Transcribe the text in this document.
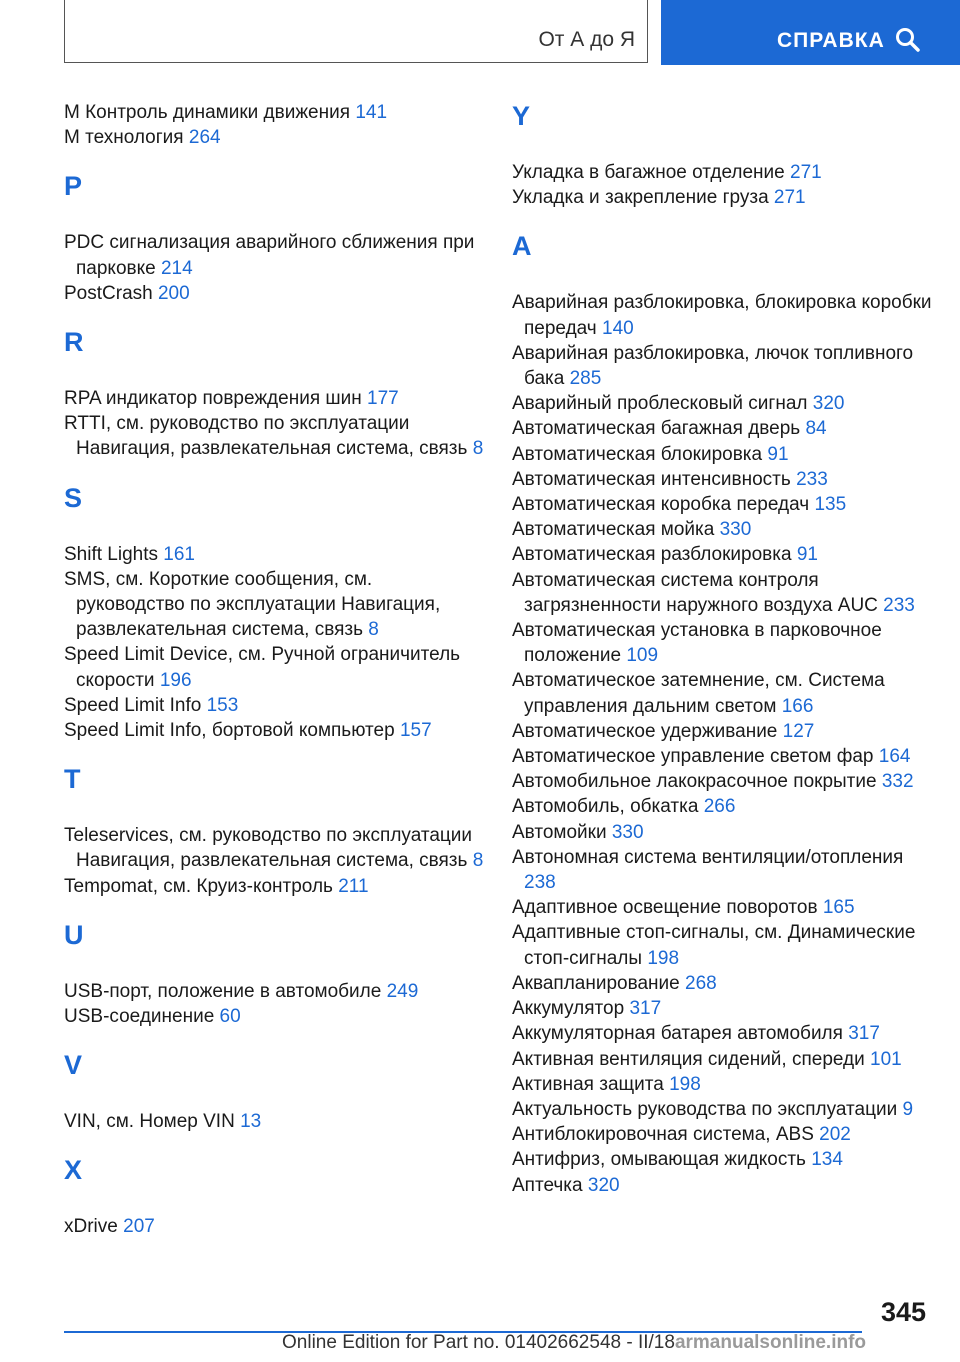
От А до Я	СПРАВКА
M Контроль динамики движения 141
M технология 264
P
PDC сигнализация аварийного сближения при парковке 214
PostCrash 200
R
RPA индикатор повреждения шин 177
RTTI, см. руководство по эксплуатации Навигация, развлекательная система, связь 8
S
Shift Lights 161
SMS, см. Короткие сообщения, см. руководство по эксплуатации Навигация, развлекательная система, связь 8
Speed Limit Device, см. Ручной ограничитель скорости 196
Speed Limit Info 153
Speed Limit Info, бортовой компьютер 157
T
Teleservices, см. руководство по эксплуатации Навигация, развлекательная система, связь 8
Tempomat, см. Круиз-контроль 211
U
USB-порт, положение в автомобиле 249
USB-соединение 60
V
VIN, см. Номер VIN 13
X
xDrive 207
Y
Укладка в багажное отделение 271
Укладка и закрепление груза 271
А
Аварийная разблокировка, блокировка коробки передач 140
Аварийная разблокировка, лючок топливного бака 285
Аварийный проблесковый сигнал 320
Автоматическая багажная дверь 84
Автоматическая блокировка 91
Автоматическая интенсивность 233
Автоматическая коробка передач 135
Автоматическая мойка 330
Автоматическая разблокировка 91
Автоматическая система контроля загрязненности наружного воздуха AUC 233
Автоматическая установка в парковочное положение 109
Автоматическое затемнение, см. Система управления дальним светом 166
Автоматическое удерживание 127
Автоматическое управление светом фар 164
Автомобильное лакокрасочное покрытие 332
Автомобиль, обкатка 266
Автомойки 330
Автономная система вентиляции/отопления 238
Адаптивное освещение поворотов 165
Адаптивные стоп-сигналы, см. Динамические стоп-сигналы 198
Аквапланирование 268
Аккумулятор 317
Аккумуляторная батарея автомобиля 317
Активная вентиляция сидений, спереди 101
Активная защита 198
Актуальность руководства по эксплуатации 9
Антиблокировочная система, ABS 202
Антифриз, омывающая жидкость 134
Аптечка 320
345
Online Edition for Part no. 01402662548 - II/18armanualsonline.info
